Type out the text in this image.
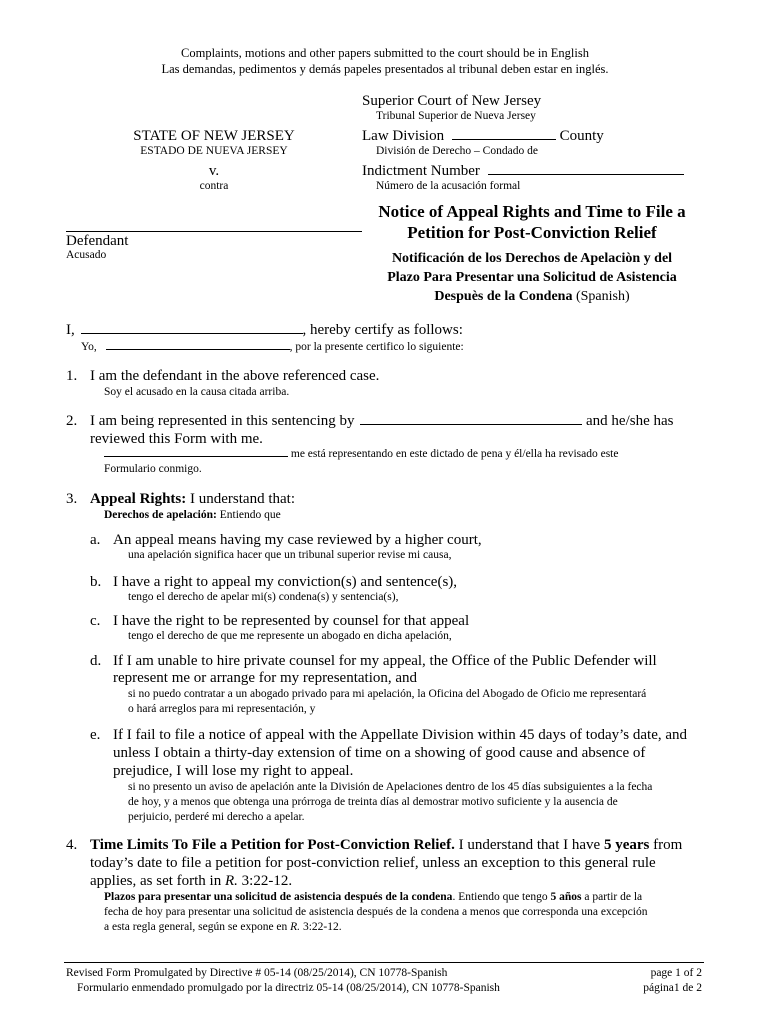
Complaints, motions and other papers submitted to the court should be in English
Las demandas, pedimentos y demás papeles presentados al tribunal deben estar en inglés.
Superior Court of New Jersey
Tribunal Superior de Nueva Jersey
Law Division	County
División de Derecho – Condado de
Indictment Number
Número de la acusación formal
STATE OF NEW JERSEY
ESTADO DE NUEVA JERSEY
v.
contra
Defendant
Acusado
Notice of Appeal Rights and Time to File a
Petition for Post-Conviction Relief
Notificación de los Derechos de Apelaciòn y del
Plazo Para Presentar una Solicitud de Asistencia
Despuès de la Condena (Spanish)
I,	, hereby certify as follows:
Yo,	, por la presente certifico lo siguiente:
1. I am the defendant in the above referenced case.
Soy el acusado en la causa citada arriba.
2. I am being represented in this sentencing by	and he/she has
reviewed this Form with me.
me está representando en este dictado de pena y él/ella ha revisado este
Formulario conmigo.
3. Appeal Rights: I understand that:
Derechos de apelación: Entiendo que
a. An appeal means having my case reviewed by a higher court,
una apelación significa hacer que un tribunal superior revise mi causa,
b. I have a right to appeal my conviction(s) and sentence(s),
tengo el derecho de apelar mi(s) condena(s) y sentencia(s),
c. I have the right to be represented by counsel for that appeal
tengo el derecho de que me represente un abogado en dicha apelación,
d. If I am unable to hire private counsel for my appeal, the Office of the Public Defender will
represent me or arrange for my representation, and
si no puedo contratar a un abogado privado para mi apelación, la Oficina del Abogado de Oficio me representará
o hará arreglos para mi representación, y
e. If I fail to file a notice of appeal with the Appellate Division within 45 days of today’s date, and
unless I obtain a thirty-day extension of time on a showing of good cause and absence of
prejudice, I will lose my right to appeal.
si no presento un aviso de apelación ante la División de Apelaciones dentro de los 45 días subsiguientes a la fecha
de hoy, y a menos que obtenga una prórroga de treinta días al demostrar motivo suficiente y la ausencia de
perjuicio, perderé mi derecho a apelar.
4. Time Limits To File a Petition for Post-Conviction Relief. I understand that I have 5 years from
today’s date to file a petition for post-conviction relief, unless an exception to this general rule
applies, as set forth in R. 3:22-12.
Plazos para presentar una solicitud de asistencia después de la condena. Entiendo que tengo 5 años a partir de la
fecha de hoy para presentar una solicitud de asistencia después de la condena a menos que corresponda una excepción
a esta regla general, según se expone en R. 3:22-12.
Revised Form Promulgated by Directive # 05-14 (08/25/2014), CN 10778-Spanish
Formulario enmendado promulgado por la directriz 05-14 (08/25/2014), CN 10778-Spanish
page 1 of 2
página1 de 2
